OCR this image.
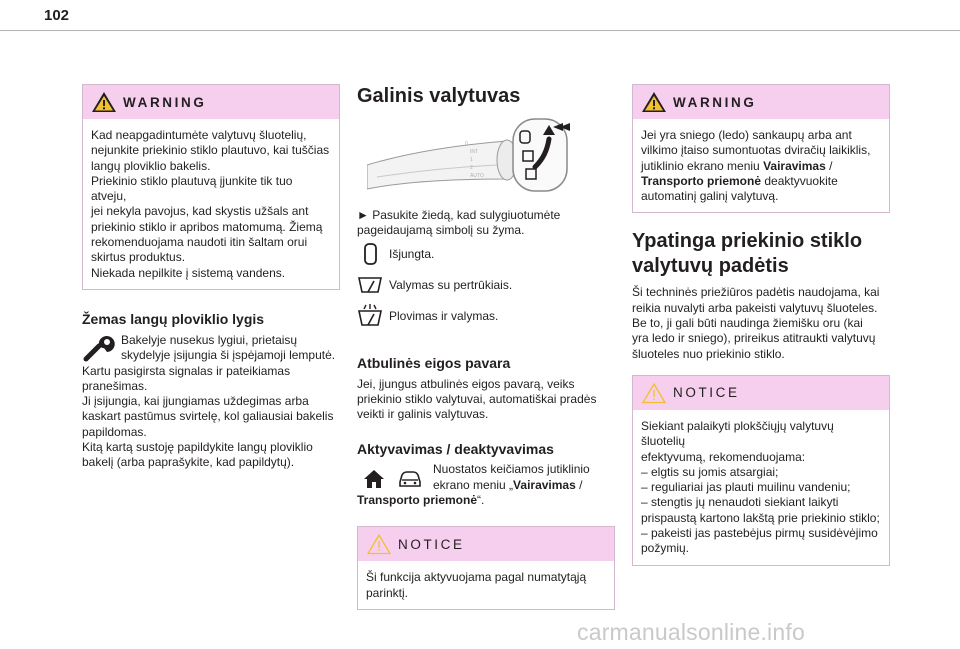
102
WARNING
Kad neapgadintumėte valytuvų šluotelių,
nejunkite priekinio stiklo plautuvo, kai tuščias
langų ploviklio bakelis.
Priekinio stiklo plautuvą įjunkite tik tuo atveju,
jei nekyla pavojus, kad skystis užšals ant
priekinio stiklo ir apribos matomumą. Žiemą
rekomenduojama naudoti itin šaltam orui
skirtus produktus.
Niekada nepilkite į sistemą vandens.
Žemas langų ploviklio lygis

Bakelyje nusekus lygiui, prietaisų

skydelyje įsijungia ši įspėjamoji lemputė.

Kartu pasigirsta signalas ir pateikiamas

pranešimas.

Ji įsijungia, kai įjungiamas uždegimas arba

kaskart pastūmus svirtelę, kol galiausiai bakelis

papildomas.

Kitą kartą sustoję papildykite langų ploviklio

bakelį (arba paprašykite, kad papildytų).

Galinis valytuvas
0
INT
1
2
AUTO

► Pasukite žiedą, kad sulygiuotumėte

pageidaujamą simbolį su žyma.

Išjungta.
Valymas su pertrūkiais.
Plovimas ir valymas.
Atbulinės eigos pavara

Jei, įjungus atbulinės eigos pavarą, veiks

priekinio stiklo valytuvai, automatiškai pradės

veikti ir galinis valytuvas.

Aktyvavimas / deaktyvavimas

Nuostatos keičiamos jutiklinio

ekrano meniu „Vairavimas /

Transporto priemonė“.

NOTICE
Ši funkcija aktyvuojama pagal numatytąją
parinktį.
WARNING
Jei yra sniego (ledo) sankaupų arba ant
vilkimo įtaiso sumontuotas dviračių laikiklis,
jutiklinio ekrano meniu Vairavimas /
Transporto priemonė deaktyvuokite
automatinį galinį valytuvą.
Ypatinga priekinio stiklo
valytuvų padėtis

Ši techninės priežiūros padėtis naudojama, kai

reikia nuvalyti arba pakeisti valytuvų šluoteles.

Be to, ji gali būti naudinga žiemišku oru (kai

yra ledo ir sniego), prireikus atitraukti valytuvų

šluoteles nuo priekinio stiklo.

NOTICE
Siekiant palaikyti plokščiųjų valytuvų šluotelių
efektyvumą, rekomenduojama:
– elgtis su jomis atsargiai;
– reguliariai jas plauti muilinu vandeniu;
– stengtis jų nenaudoti siekiant laikyti
prispaustą kartono lakštą prie priekinio stiklo;
– pakeisti jas pastebėjus pirmų susidėvėjimo
požymių.
carmanualsonline.info
